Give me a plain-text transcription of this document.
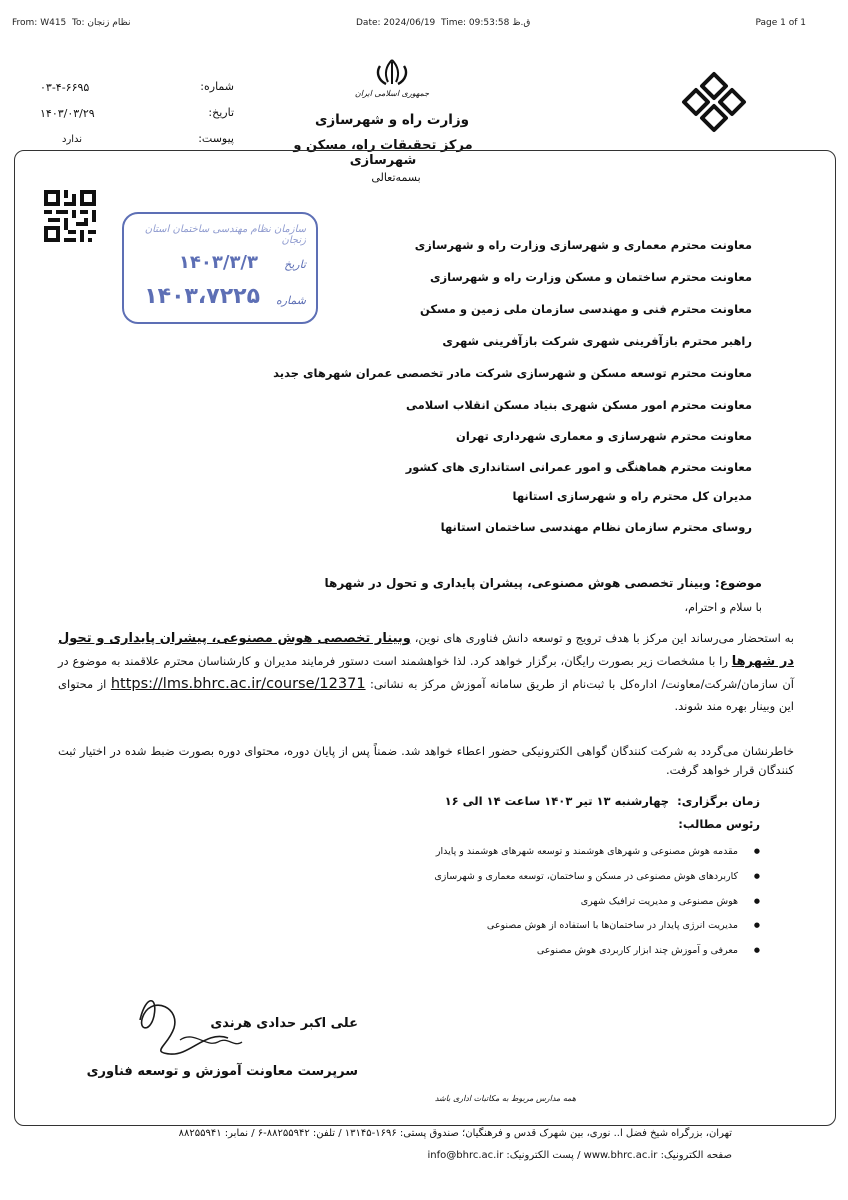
From: W415 To: نظام زنجان	Date: 2024/06/19 Time: 09:53:58 ق.ظ	Page 1 of 1
شماره:
۰۳-۴-۶۶۹۵
تاریخ:
۱۴۰۳/۰۳/۲۹
پیوست:
ندارد
جمهوری اسلامی ایران
وزارت راه و شهرسازی
مرکز تحقیقات راه، مسکن و شهرسازی
بسمه‌تعالی
سازمان نظام مهندسی ساختمان استان زنجان
تاریخ
۱۴۰۳/۳/۳
شماره
۱۴۰۳،۷۲۲۵
معاونت محترم معماری و شهرسازی وزارت راه و شهرسازی
معاونت محترم ساختمان و مسکن وزارت راه و شهرسازی
معاونت محترم فنی و مهندسی سازمان ملی زمین و مسکن
راهبر محترم بازآفرینی شهری شرکت بازآفرینی شهری
معاونت محترم توسعه مسکن و شهرسازی شرکت مادر تخصصی عمران شهرهای جدید
معاونت محترم امور مسکن شهری بنیاد مسکن انقلاب اسلامی
معاونت محترم شهرسازی و معماری شهرداری تهران
معاونت محترم هماهنگی و امور عمرانی استانداری های کشور
مدیران کل محترم راه و شهرسازی استانها
روسای محترم سازمان نظام مهندسی ساختمان استانها
موضوع: وبینار تخصصی هوش مصنوعی، پیشران پایداری و تحول در شهرها
با سلام و احترام،
به استحضار می‌رساند این مرکز با هدف ترویج و توسعه دانش فناوری های نوین، وبینار تخصصی هوش مصنوعی، پیشران پایداری و تحول در شهرها را با مشخصات زیر بصورت رایگان، برگزار خواهد کرد. لذا خواهشمند است دستور فرمایند مدیران و کارشناسان محترم علاقمند به موضوع در آن سازمان/شرکت/معاونت/ اداره‌کل با ثبت‌نام از طریق سامانه آموزش مرکز به نشانی: https://lms.bhrc.ac.ir/course/12371 از محتوای این وبینار بهره مند شوند.
خاطرنشان می‌گردد به شرکت کنندگان گواهی الکترونیکی حضور اعطاء خواهد شد. ضمناً پس از پایان دوره، محتوای دوره بصورت ضبط شده در اختیار ثبت کنندگان قرار خواهد گرفت.
زمان برگزاری:  چهارشنبه ۱۳ تیر ۱۴۰۳ ساعت ۱۴ الی ۱۶
رئوس مطالب:
● مقدمه هوش مصنوعی و شهرهای هوشمند و توسعه شهرهای هوشمند و پایدار
● کاربردهای هوش مصنوعی در مسکن و ساختمان، توسعه معماری و شهرسازی
● هوش مصنوعی و مدیریت ترافیک شهری
● مدیریت انرژی پایدار در ساختمان‌ها با استفاده از هوش مصنوعی
● معرفی و آموزش چند ابزار کاربردی هوش مصنوعی
علی اکبر حدادی هرندی
سرپرست معاونت آموزش و توسعه فناوری
همه مدارس مربوط به مکاتبات اداری باشد
تهران، بزرگراه شیخ فضل ا.. نوری، بین شهرک قدس و فرهنگیان؛ صندوق پستی: ۱۶۹۶-۱۳۱۴۵ / تلفن: ۸۸۲۵۵۹۴۲-۶ / نمابر: ۸۸۲۵۵۹۴۱
صفحه الکترونیک: www.bhrc.ac.ir / پست الکترونیک: info@bhrc.ac.ir
